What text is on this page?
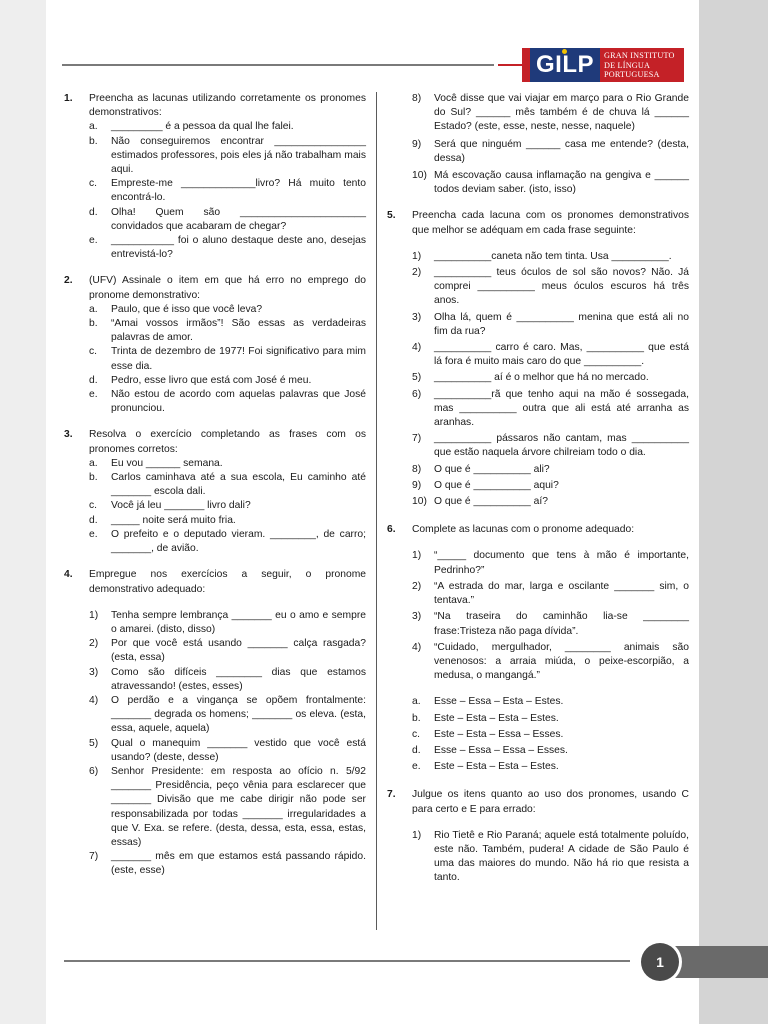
GILP GRAN INSTITUTO
DE LÍNGUA
PORTUGUESA
1.	Preencha as lacunas utilizando corretamente os pronomes demonstrativos:
a.	_________ é a pessoa da qual lhe falei.
b.	Não conseguiremos encontrar ________________ estimados professores, pois eles já não trabalham mais aqui.
c.	Empreste-me _____________livro? Há muito tento encontrá-lo.
d.	Olha! Quem são ______________________ convidados que acabaram de chegar?
e.	___________ foi o aluno destaque deste ano, desejas entrevistá-lo?
2.	(UFV) Assinale o item em que há erro no emprego do pronome demonstrativo:
a.	Paulo, que é isso que você leva?
b.	“Amai vossos irmãos”! São essas as verdadeiras palavras de amor.
c.	Trinta de dezembro de 1977! Foi significativo para mim esse dia.
d.	Pedro, esse livro que está com José é meu.
e.	Não estou de acordo com aquelas palavras que José pronunciou.
3.	Resolva o exercício completando as frases com os pronomes corretos:
a.	Eu vou ______ semana.
b.	Carlos caminhava até a sua escola, Eu caminho até _______ escola dali.
c.	Você já leu _______ livro dali?
d.	_____ noite será muito fria.
e.	O prefeito e o deputado vieram. ________, de carro; _______, de avião.
4.	Empregue nos exercícios a seguir, o pronome demonstrativo adequado:
1)	Tenha sempre lembrança _______ eu o amo e sempre o amarei. (disto, disso)
2)	Por que você está usando _______ calça rasgada? (esta, essa)
3)	Como são difíceis ________ dias que estamos atravessando! (estes, esses)
4)	O perdão e a vingança se opõem frontalmente: _______ degrada os homens; _______ os eleva. (esta, essa, aquele, aquela)
5)	Qual o manequim _______ vestido que você está usando? (deste, desse)
6)	Senhor Presidente: em resposta ao ofício n. 5/92 _______ Presidência, peço vênia para esclarecer que _______ Divisão que me cabe dirigir não pode ser responsabilizada por todas _______ irregularidades a que V. Exa. se refere. (desta, dessa, esta, essa, estas, essas)
7)	_______ mês em que estamos está passando rápido. (este, esse)
8)	Você disse que vai viajar em março para o Rio Grande do Sul? ______ mês também é de chuva lá ______ Estado? (este, esse, neste, nesse, naquele)
9)	Será que ninguém ______ casa me entende? (desta, dessa)
10) Má escovação causa inflamação na gengiva e ______ todos deviam saber. (isto, isso)
5.	Preencha cada lacuna com os pronomes demonstrativos que melhor se adéquam em cada frase seguinte:
1)	__________caneta não tem tinta. Usa __________.
2)	__________ teus óculos de sol são novos? Não. Já comprei __________ meus óculos escuros há três anos.
3)	Olha lá, quem é __________ menina que está ali no fim da rua?
4)	__________ carro é caro. Mas, __________ que está lá fora é muito mais caro do que __________.
5)	__________ aí é o melhor que há no mercado.
6)	__________rã que tenho aqui na mão é sossegada, mas __________ outra que ali está até arranha as aranhas.
7)	__________ pássaros não cantam, mas __________ que estão naquela árvore chilreiam todo o dia.
8)	O que é __________ ali?
9)	O que é __________ aqui?
10) O que é __________ aí?
6.	Complete as lacunas com o pronome adequado:
1)	“_____ documento que tens à mão é importante, Pedrinho?”
2)	“A estrada do mar, larga e oscilante _______ sim, o tentava.”
3)	“Na traseira do caminhão lia-se ________ frase:Tristeza não paga dívida”.
4)	“Cuidado, mergulhador, ________ animais são venenosos: a arraia miúda, o peixe-escorpião, a medusa, o mangangá.”
a.	Esse – Essa – Esta – Estes.
b.	Este – Esta – Esta – Estes.
c.	Este – Esta – Essa – Esses.
d.	Esse – Essa – Essa – Esses.
e.	Este – Esta – Esta – Estes.
7.	Julgue os itens quanto ao uso dos pronomes, usando C para certo e E para errado:
1)	Rio Tietê e Rio Paraná; aquele está totalmente poluído, este não. Também, pudera! A cidade de São Paulo é uma das maiores do mundo. Não há rio que resista a tanto.
1
